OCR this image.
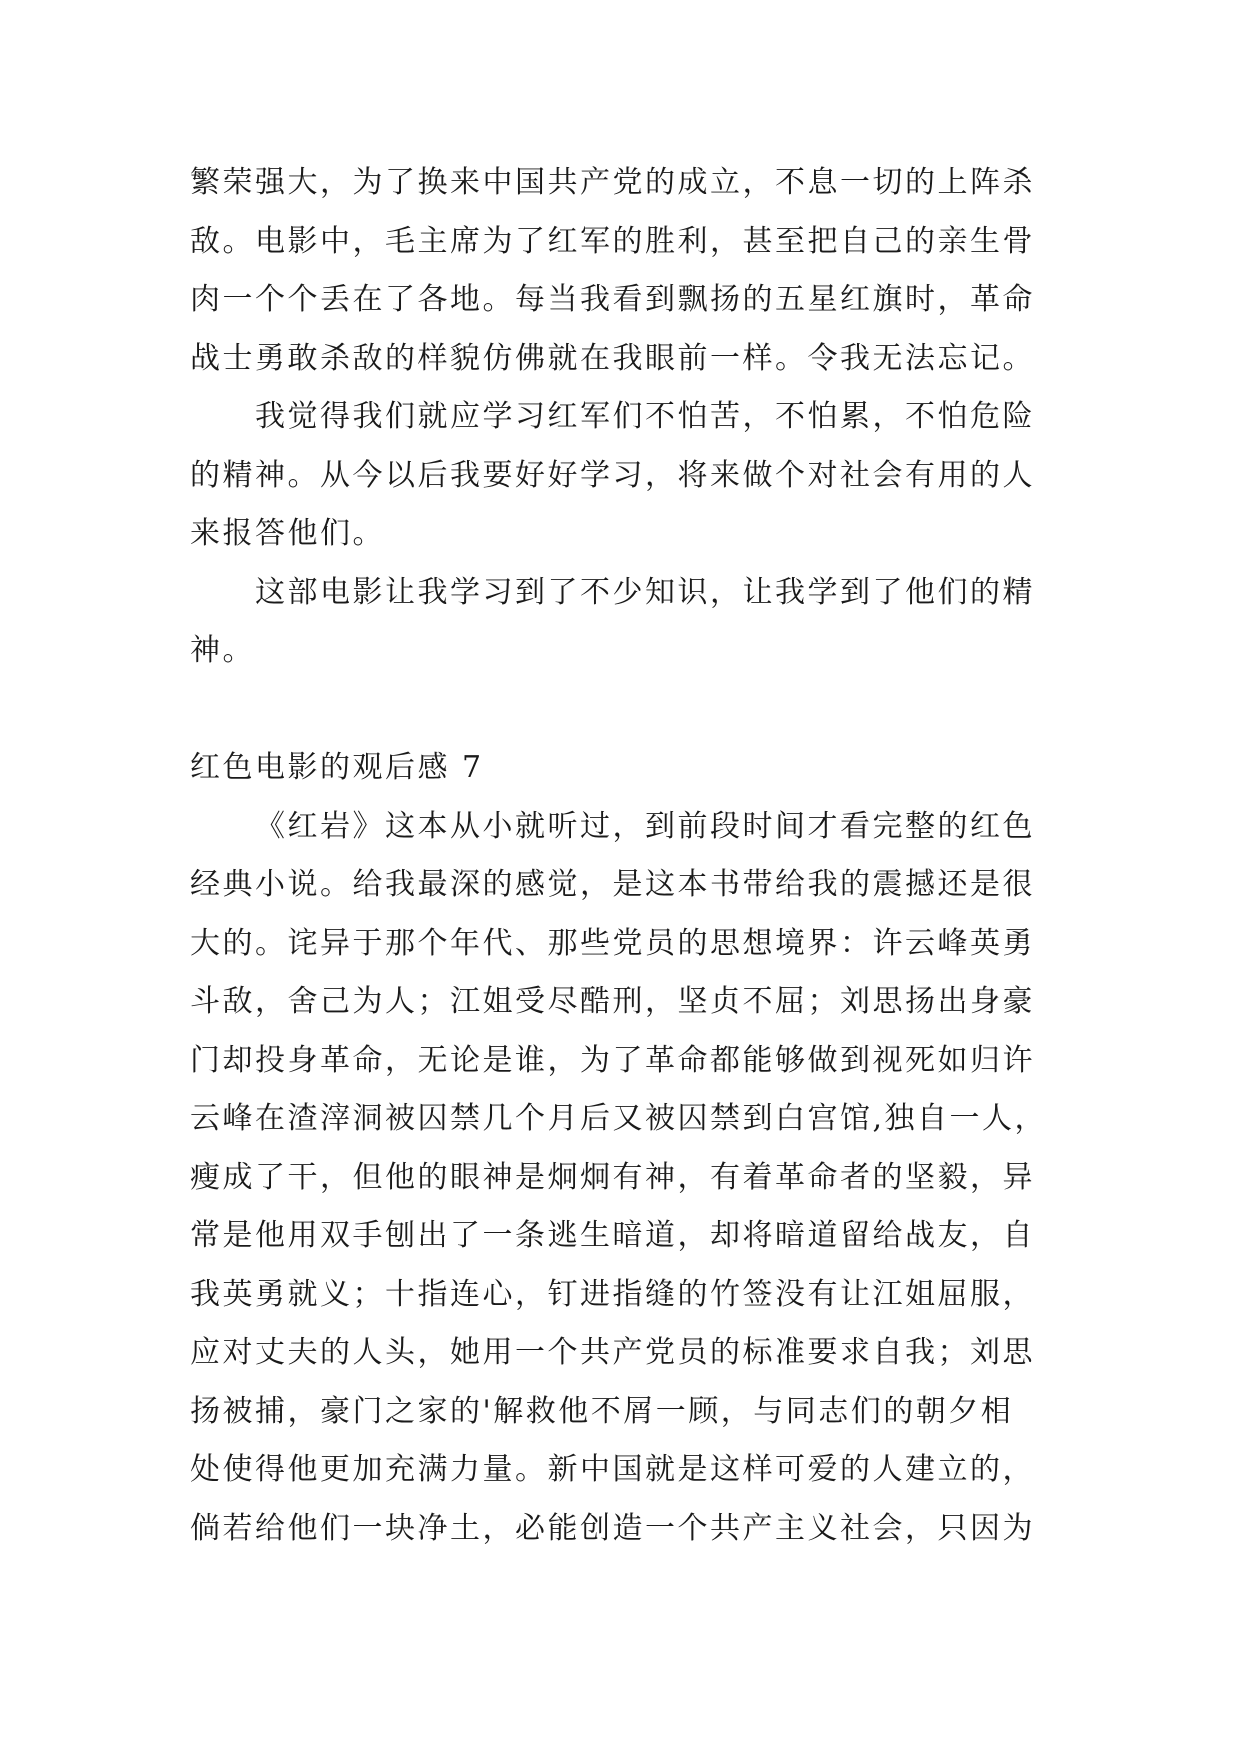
繁荣强大，为了换来中国共产党的成立，不息一切的上阵杀
敌。电影中，毛主席为了红军的胜利，甚至把自己的亲生骨
肉一个个丢在了各地。每当我看到飘扬的五星红旗时，革命
战士勇敢杀敌的样貌仿佛就在我眼前一样。令我无法忘记。
我觉得我们就应学习红军们不怕苦，不怕累，不怕危险
的精神。从今以后我要好好学习，将来做个对社会有用的人
来报答他们。
这部电影让我学习到了不少知识，让我学到了他们的精
神。
红色电影的观后感 7
《红岩》这本从小就听过，到前段时间才看完整的红色
经典小说。给我最深的感觉，是这本书带给我的震撼还是很
大的。诧异于那个年代、那些党员的思想境界：许云峰英勇
斗敌，舍己为人；江姐受尽酷刑，坚贞不屈；刘思扬出身豪
门却投身革命，无论是谁，为了革命都能够做到视死如归许
云峰在渣滓洞被囚禁几个月后又被囚禁到白宫馆,独自一人，
瘦成了干，但他的眼神是炯炯有神，有着革命者的坚毅，异
常是他用双手刨出了一条逃生暗道，却将暗道留给战友，自
我英勇就义；十指连心，钉进指缝的竹签没有让江姐屈服，
应对丈夫的人头，她用一个共产党员的标准要求自我；刘思
扬被捕，豪门之家的'解救他不屑一顾，与同志们的朝夕相
处使得他更加充满力量。新中国就是这样可爱的人建立的，
倘若给他们一块净土，必能创造一个共产主义社会，只因为
